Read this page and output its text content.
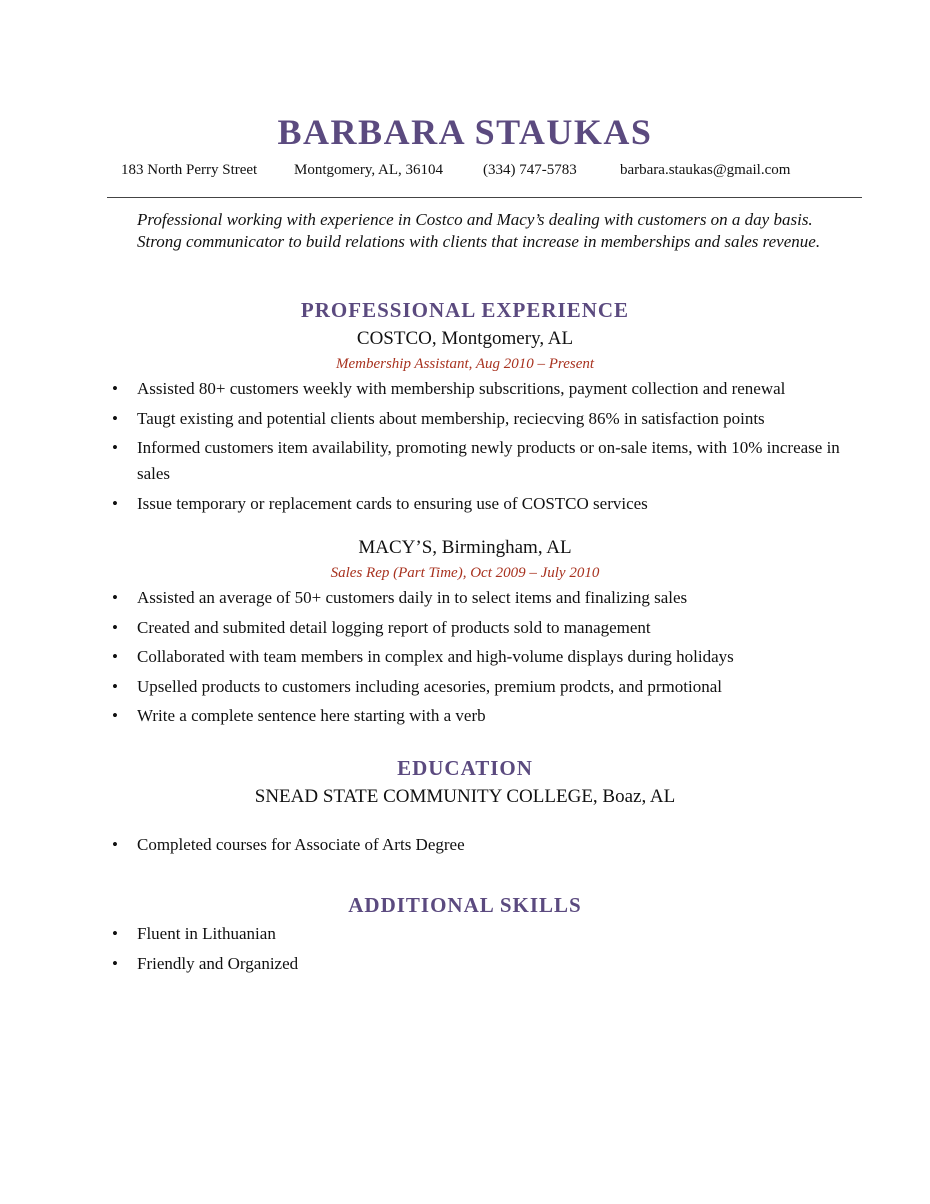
BARBARA STAUKAS
183 North Perry Street Montgomery, AL, 36104	(334) 747-5783	barbara.staukas@gmail.com

Professional working with experience in Costco and Macy’s dealing with customers on a day basis. Strong communicator to build relations with clients that increase in memberships and sales revenue.

PROFESSIONAL EXPERIENCE
COSTCO, Montgomery, AL
Membership Assistant, Aug 2010 – Present
• Assisted 80+ customers weekly with membership subscritions, payment collection and renewal
• Taugt existing and potential clients about membership, reciecving 86% in satisfaction points
• Informed customers item availability, promoting newly products or on-sale items, with 10% increase in sales
• Issue temporary or replacement cards to ensuring use of COSTCO services
MACY’S, Birmingham, AL
Sales Rep (Part Time), Oct 2009 – July 2010
• Assisted an average of 50+ customers daily in to select items and finalizing sales
• Created and submited detail logging report of products sold to management
• Collaborated with team members in complex and high-volume displays during holidays
• Upselled products to customers including acesories, premium prodcts, and prmotional
• Write a complete sentence here starting with a verb
EDUCATION
SNEAD STATE COMMUNITY COLLEGE, Boaz, AL
• Completed courses for Associate of Arts Degree
ADDITIONAL SKILLS
• Fluent in Lithuanian
• Friendly and Organized
